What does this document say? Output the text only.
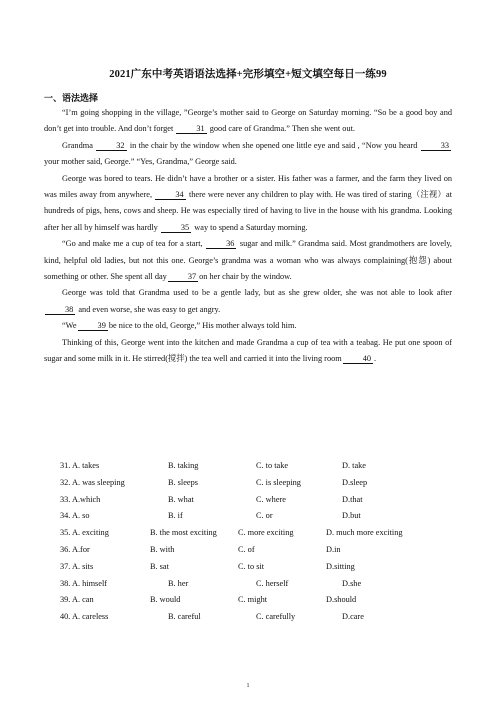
2021广东中考英语语法选择+完形填空+短文填空每日一练99
一、语法选择

“I’m going shopping in the village, ”George’s mother said to George on Saturday morning. “So be a good boy and don’t get into trouble. And don’t forget	31 good care of Grandma.” Then she went out.

Grandma	32 in the chair by the window when she opened one little eye and said , “Now you heard	33 your mother said, George.” “Yes, Grandma,” George said.

George was bored to tears. He didn’t have a brother or a sister. His father was a farmer, and the farm they lived on was miles away from anywhere,	34 there were never any children to play with. He was tired of staring（注视）at hundreds of pigs, hens, cows and sheep. He was especially tired of having to live in the house with his grandma. Looking after her all by himself was hardly	35 way to spend a Saturday morning.

“Go and make me a cup of tea for a start,	36 sugar and milk.” Grandma said. Most grandmothers are lovely, kind, helpful old ladies, but not this one. George’s grandma was a woman who was always complaining(抱怨) about something or other. She spent all day	37 on her chair by the window.

George was told that Grandma used to be a gentle lady, but as she grew older, she was not able to look after 38 and even worse, she was easy to get angry.

“We	39 be nice to the old, George,” His mother always told him.

Thinking of this, George went into the kitchen and made Grandma a cup of tea with a teabag. He put one spoon of sugar and some milk in it. He stirred(搅拌) the tea well and carried it into the living room	40 .

31. A. takes	B. taking	C. to take	D. take
32. A. was sleeping	B. sleeps	C. is sleeping	D.sleep
33. A.which	B. what	C. where	D.that
34. A. so	B. if	C. or	D.but
35. A. exciting	B. the most exciting	C. more exciting	D. much more exciting
36. A.for	B. with	C. of	D.in
37. A. sits	B. sat	C. to sit	D.sitting
38. A. himself	B. her	C. herself	D.she
39. A. can	B. would	C. might	D.should
40. A. careless	B. careful	C. carefully	D.care
1
